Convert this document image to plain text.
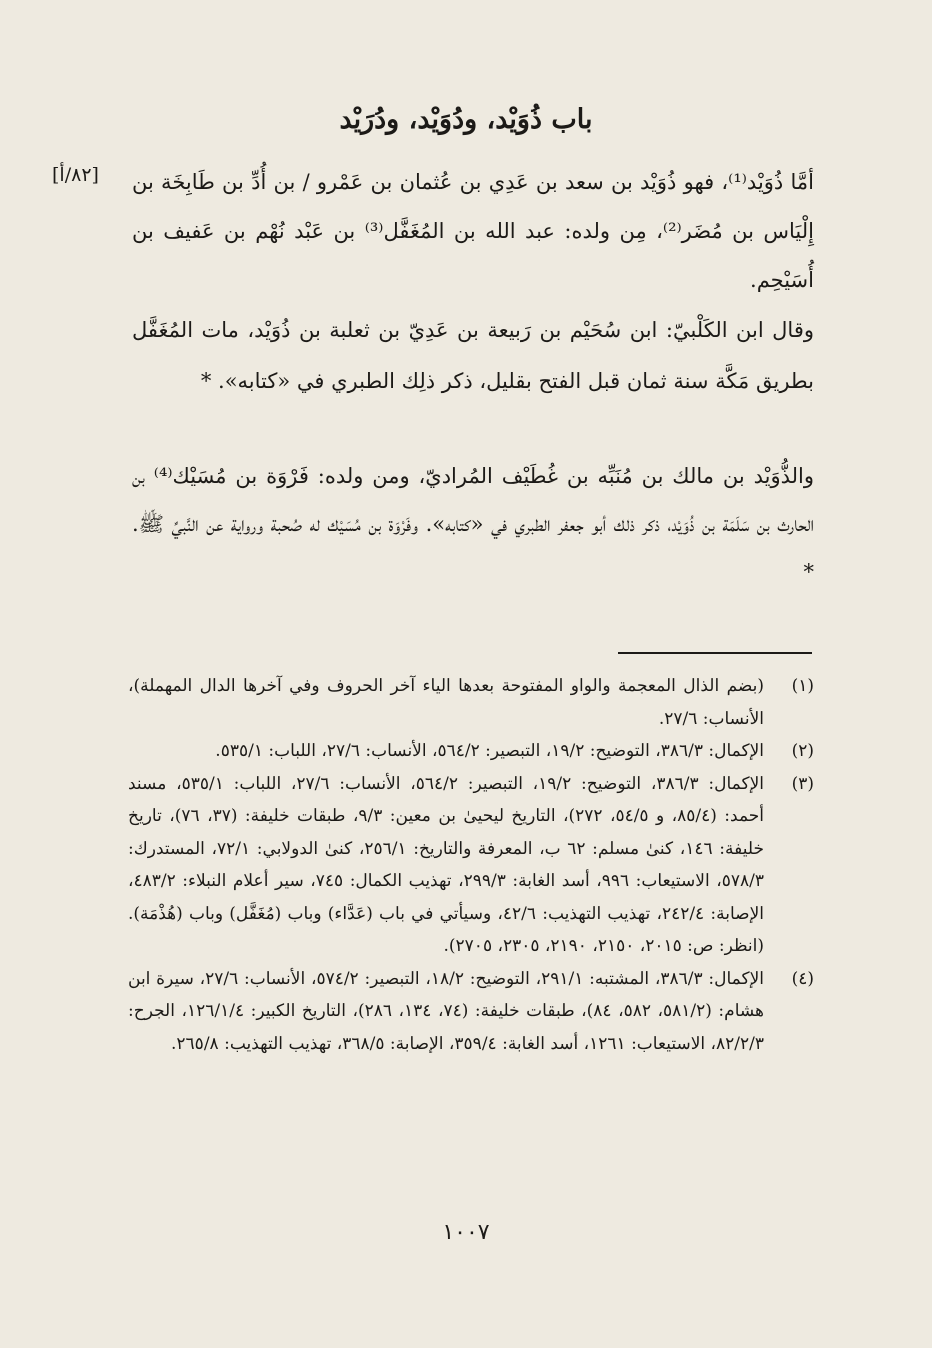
باب ذُوَيْد، ودُوَيْد، ودُرَيْد
[٨٢/أ] أمَّا ذُوَيْد⁽¹⁾، فهو ذُوَيْد بن سعد بن عَدِي بن عُثمان بن عَمْرو / بن أُدِّ بن طَابِخَة بن إِلْيَاس بن مُضَر⁽²⁾، مِن ولده: عبد الله بن المُغَفَّل⁽³⁾ بن عَبْد نُهْم بن عَفيف بن أُسَيْحِم.

وقال ابن الكَلْبيّ: ابن سُحَيْم بن رَبيعة بن عَدِيّ بن ثعلبة بن ذُوَيْد، مات المُغَفَّل بطريق مَكَّة سنة ثمان قبل الفتح بقليل، ذكر ذلِك الطبري في «كتابه». *

والذُّوَيْد بن مالك بن مُنَبِّه بن غُطَيْف المُراديّ، ومن ولده: فَرْوَة بن مُسَيْك⁽⁴⁾ بن الحارث بن سَلَمَة بن ذُوَيْد، ذكر ذلك أبو جعفر الطبري في «كتابه». وفَرْوَة بن مُسَيْك له صُحبة ورواية عن النَّبيِّ ﷺ. *

(١)
(بضم الذال المعجمة والواو المفتوحة بعدها الياء آخر الحروف وفي آخرها الدال المهملة)، الأنساب: ٢٧/٦.
(٢)
الإكمال: ٣٨٦/٣، التوضيح: ١٩/٢، التبصير: ٥٦٤/٢، الأنساب: ٢٧/٦، اللباب: ٥٣٥/١.
(٣)
الإكمال: ٣٨٦/٣، التوضيح: ١٩/٢، التبصير: ٥٦٤/٢، الأنساب: ٢٧/٦، اللباب: ٥٣٥/١، مسند أحمد: (٨٥/٤، و ٥٤/٥، ٢٧٢)، التاريخ ليحيىٰ بن معين: ٩/٣، طبقات خليفة: (٣٧، ٧٦)، تاريخ خليفة: ١٤٦، كنىٰ مسلم: ٦٢ ب، المعرفة والتاريخ: ٢٥٦/١، كنىٰ الدولابي: ٧٢/١، المستدرك: ٥٧٨/٣، الاستيعاب: ٩٩٦، أسد الغابة: ٢٩٩/٣، تهذيب الكمال: ٧٤٥، سير أعلام النبلاء: ٤٨٣/٢، الإصابة: ٢٤٢/٤، تهذيب التهذيب: ٤٢/٦، وسيأتي في باب (عَدَّاء) وباب (مُغَفَّل) وباب (هُذْمَة). (انظر: ص: ٢٠١٥، ٢١٥٠، ٢١٩٠، ٢٣٠٥، ٢٧٠٥).
(٤)
الإكمال: ٣٨٦/٣، المشتبه: ٢٩١/١، التوضيح: ١٨/٢، التبصير: ٥٧٤/٢، الأنساب: ٢٧/٦، سيرة ابن هشام: (٥٨١/٢، ٥٨٢، ٨٤)، طبقات خليفة: (٧٤، ١٣٤، ٢٨٦)، التاريخ الكبير: ١٢٦/١/٤، الجرح: ٨٢/٢/٣، الاستيعاب: ١٢٦١، أسد الغابة: ٣٥٩/٤، الإصابة: ٣٦٨/٥، تهذيب التهذيب: ٢٦٥/٨.
١٠٠٧
